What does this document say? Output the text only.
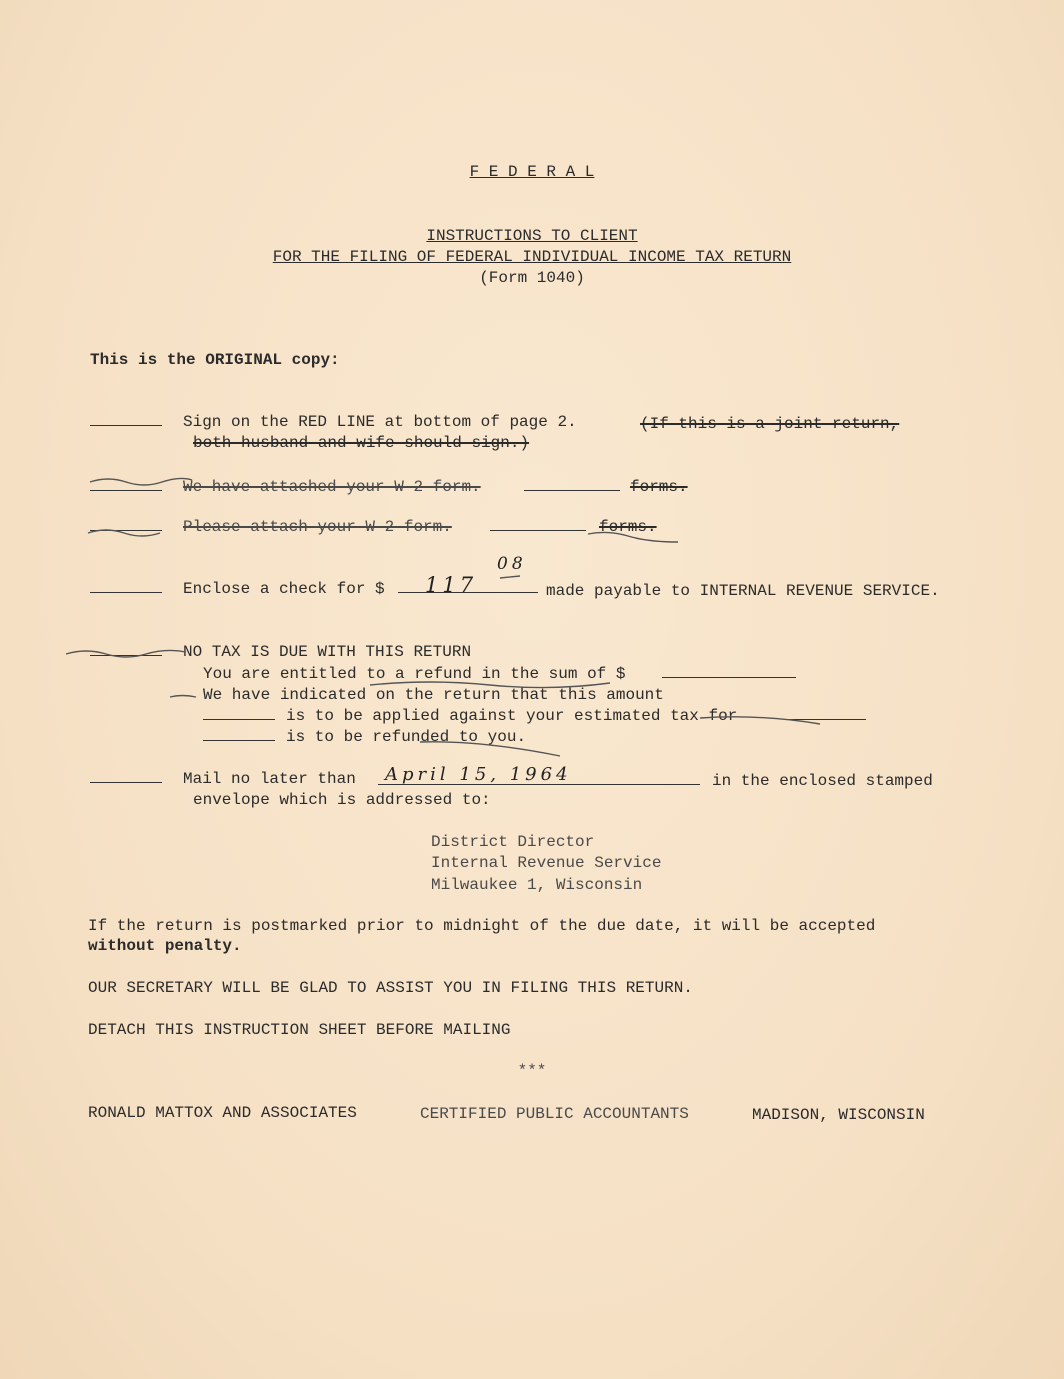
F E D E R A L
INSTRUCTIONS TO CLIENT
FOR THE FILING OF FEDERAL INDIVIDUAL INCOME TAX RETURN
(Form 1040)
This is the ORIGINAL copy:
Sign on the RED LINE at bottom of page 2.	(If this is a joint return,
both husband and wife should sign.)
We have attached your W-2 form.	forms.
Please attach your W-2 form.	forms.
Enclose a check for $ 117
08
made payable to INTERNAL REVENUE SERVICE.
NO TAX IS DUE WITH THIS RETURN
You are entitled to a refund in the sum of $
We have indicated on the return that this amount
is to be applied against your estimated tax for
is to be refunded to you.
Mail no later than April 15, 1964	in the enclosed stamped
envelope which is addressed to:
District Director
Internal Revenue Service
Milwaukee 1, Wisconsin
If the return is postmarked prior to midnight of the due date, it will be accepted
without penalty.
OUR SECRETARY WILL BE GLAD TO ASSIST YOU IN FILING THIS RETURN.
DETACH THIS INSTRUCTION SHEET BEFORE MAILING
***
RONALD MATTOX AND ASSOCIATES	CERTIFIED PUBLIC ACCOUNTANTS	MADISON, WISCONSIN
